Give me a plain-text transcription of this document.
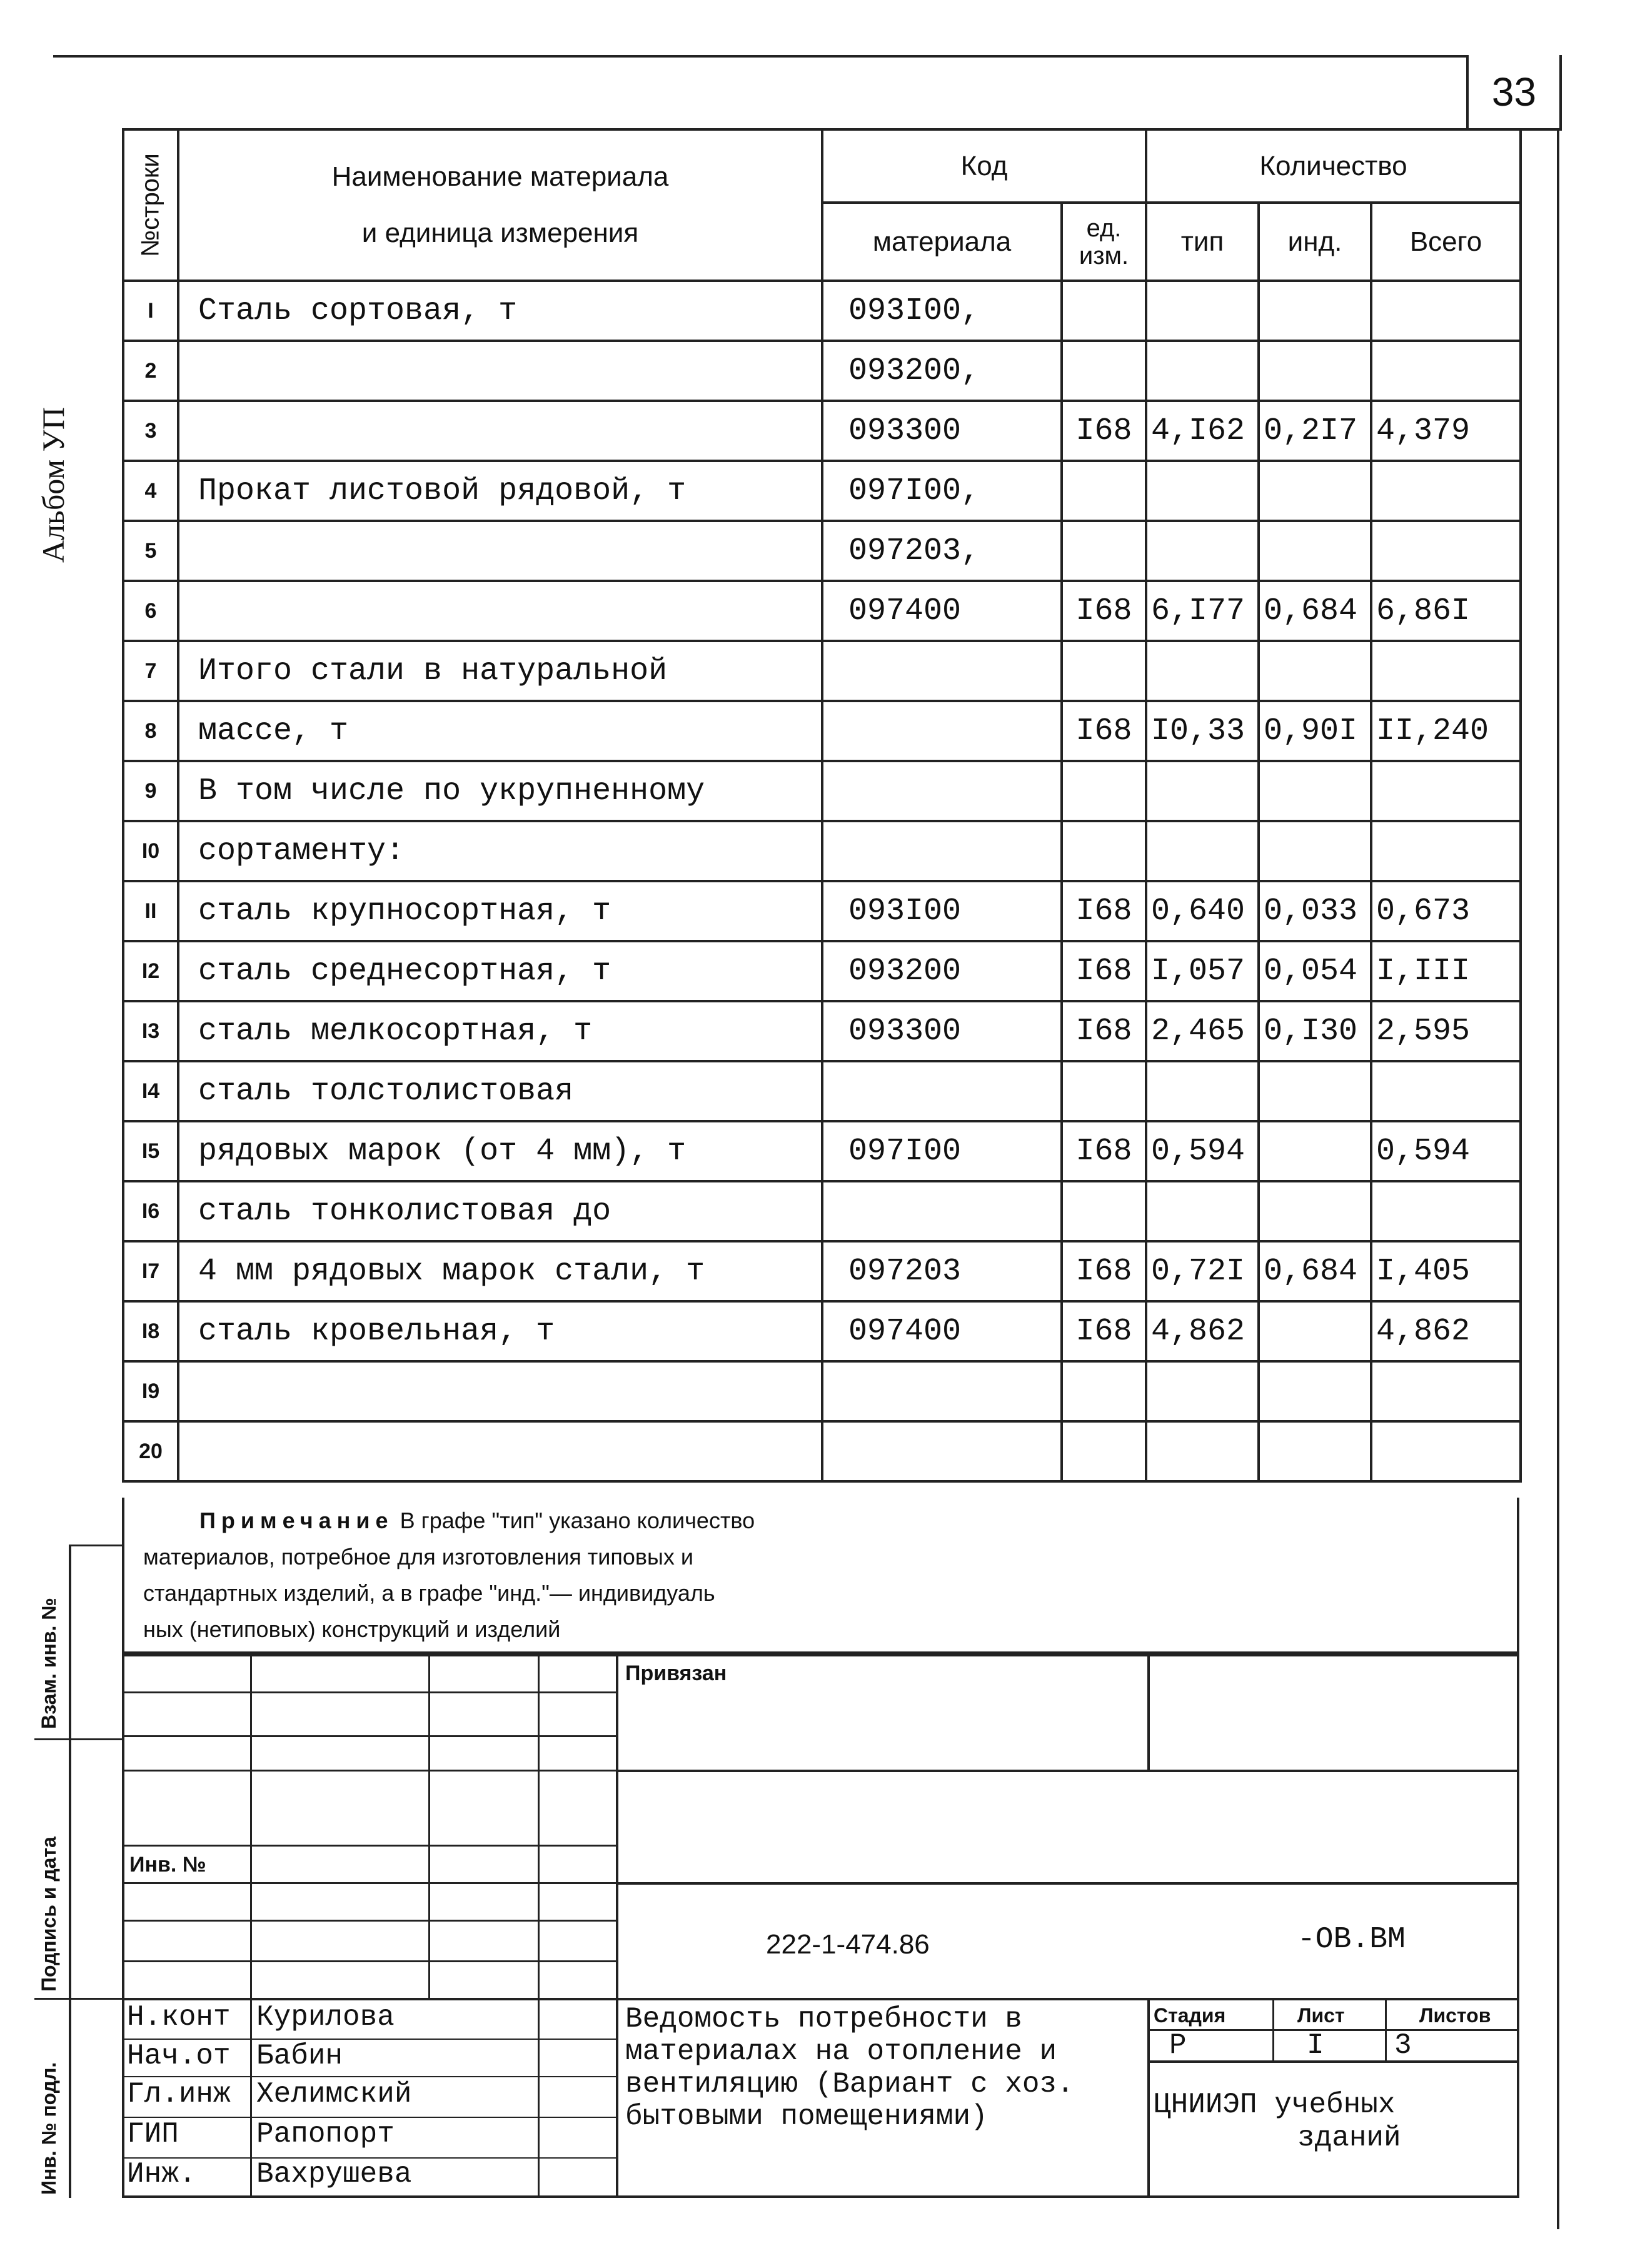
33
Альбом УП
№строки	Наименование материала
и единица измерения	Код		Количество		
		материала	ед. изм.	тип	инд.	Всего
I	Сталь сортовая, т	093I00,				
2		093200,				
3		093300	I68	4,I62	0,2I7	4,379
4	Прокат листовой рядовой, т	097I00,				
5		097203,				
6		097400	I68	6,I77	0,684	6,86I
7	Итого стали в натуральной					
8	массе, т		I68	I0,33	0,90I	II,240
9	В том числе по укрупненному					
I0	сортаменту:					
II	сталь крупносортная, т	093I00	I68	0,640	0,033	0,673
I2	сталь среднесортная, т	093200	I68	I,057	0,054	I,III
I3	сталь мелкосортная, т	093300	I68	2,465	0,I30	2,595
I4	сталь толстолистовая					
I5	рядовых марок (от 4 мм), т	097I00	I68	0,594		0,594
I6	сталь тонколистовая до					
I7	4 мм рядовых марок стали, т	097203	I68	0,72I	0,684	I,405
I8	сталь кровельная, т	097400	I68	4,862		4,862
I9						
20						
Примечание В графе "тип" указано количество
материалов, потребное для изготовления типовых и
стандартных изделий, а в графе "инд."— индивидуаль
ных (нетиповых) конструкций и изделий
Привязан
Инв. №
222-1-474.86	-ОВ.ВМ
Н.конт Курилова
Нач.от Бабин
Гл.инж Хелимский
ГИП	Рапопорт
Инж. Вахрушева
Ведомость потребности в
материалах на отопление и
вентиляцию (Вариант с хоз.
бытовыми помещениями)
Стадия	Лист	Листов
Р	I 3
ЦНИИЭП учебных
зданий
Взам. инв. №
Подпись и дата
Инв. № подл.
